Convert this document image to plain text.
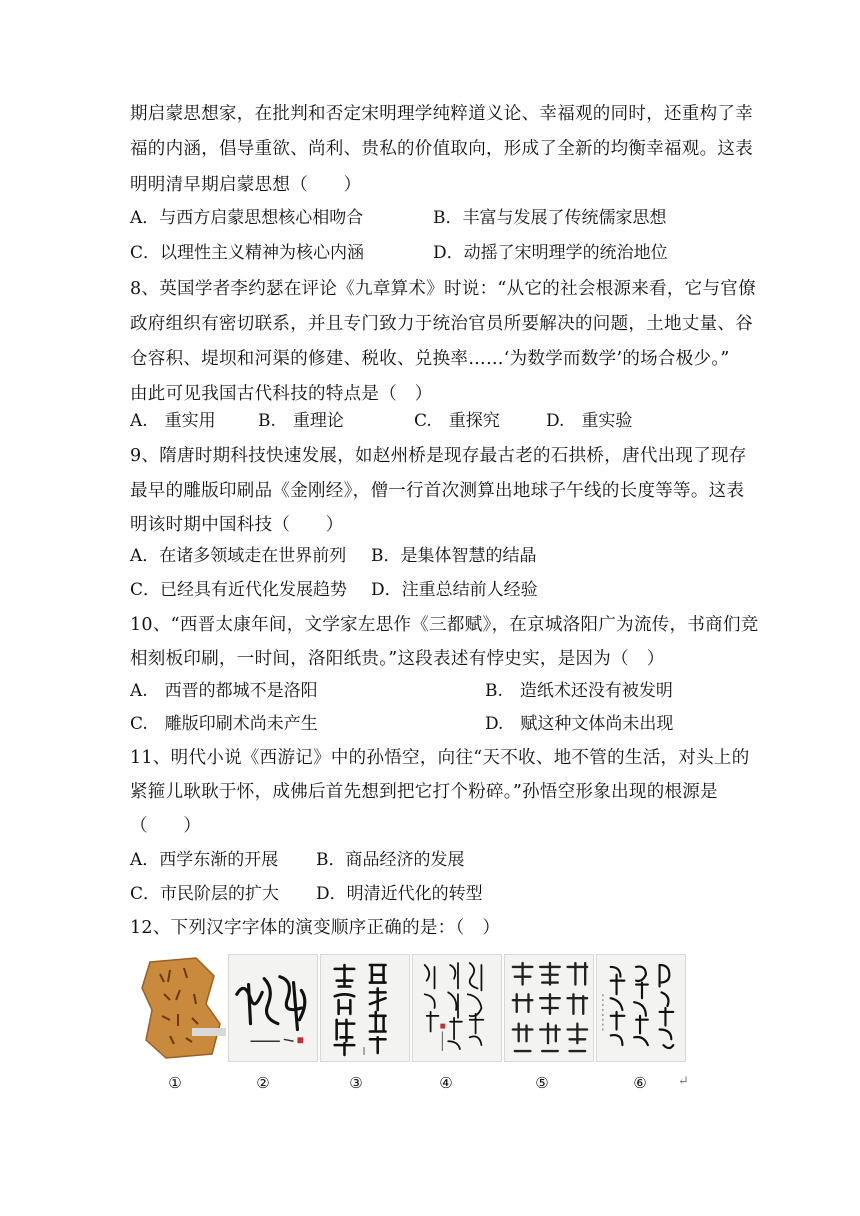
期启蒙思想家，在批判和否定宋明理学纯粹道义论、幸福观的同时，还重构了幸
福的内涵，倡导重欲、尚利、贵私的价值取向，形成了全新的均衡幸福观。这表
明明清早期启蒙思想（　　）
A．与西方启蒙思想核心相吻合	B．丰富与发展了传统儒家思想
C．以理性主义精神为核心内涵	D．动摇了宋明理学的统治地位
8、英国学者李约瑟在评论《九章算术》时说：“从它的社会根源来看，它与官僚
政府组织有密切联系，并且专门致力于统治官员所要解决的问题，土地丈量、谷
仓容积、堤坝和河渠的修建、税收、兑换率……‘为数学而数学’的场合极少。”
由此可见我国古代科技的特点是（　）
A.　重实用 B.　重理论	C.　重探究	D.　重实验
9、隋唐时期科技快速发展，如赵州桥是现存最古老的石拱桥，唐代出现了现存
最早的雕版印刷品《金刚经》，僧一行首次测算出地球子午线的长度等等。这表
明该时期中国科技（　　）
A．在诸多领域走在世界前列 B．是集体智慧的结晶
C．已经具有近代化发展趋势 D．注重总结前人经验
10、“西晋太康年间，文学家左思作《三都赋》，在京城洛阳广为流传，书商们竞
相刻板印刷，一时间，洛阳纸贵。”这段表述有悖史实，是因为（　）
A.　西晋的都城不是洛阳	B.　造纸术还没有被发明
C.　雕版印刷术尚未产生	D.　赋这种文体尚未出现
11、明代小说《西游记》中的孙悟空，向往“天不收、地不管的生活，对头上的
紧箍儿耿耿于怀，成佛后首先想到把它打个粉碎。”孙悟空形象出现的根源是
（　　）
A．西学东渐的开展 B．商品经济的发展
C．市民阶层的扩大 D．明清近代化的转型
12、下列汉字字体的演变顺序正确的是：（　）
①	②	③	④	⑤	⑥	↵
